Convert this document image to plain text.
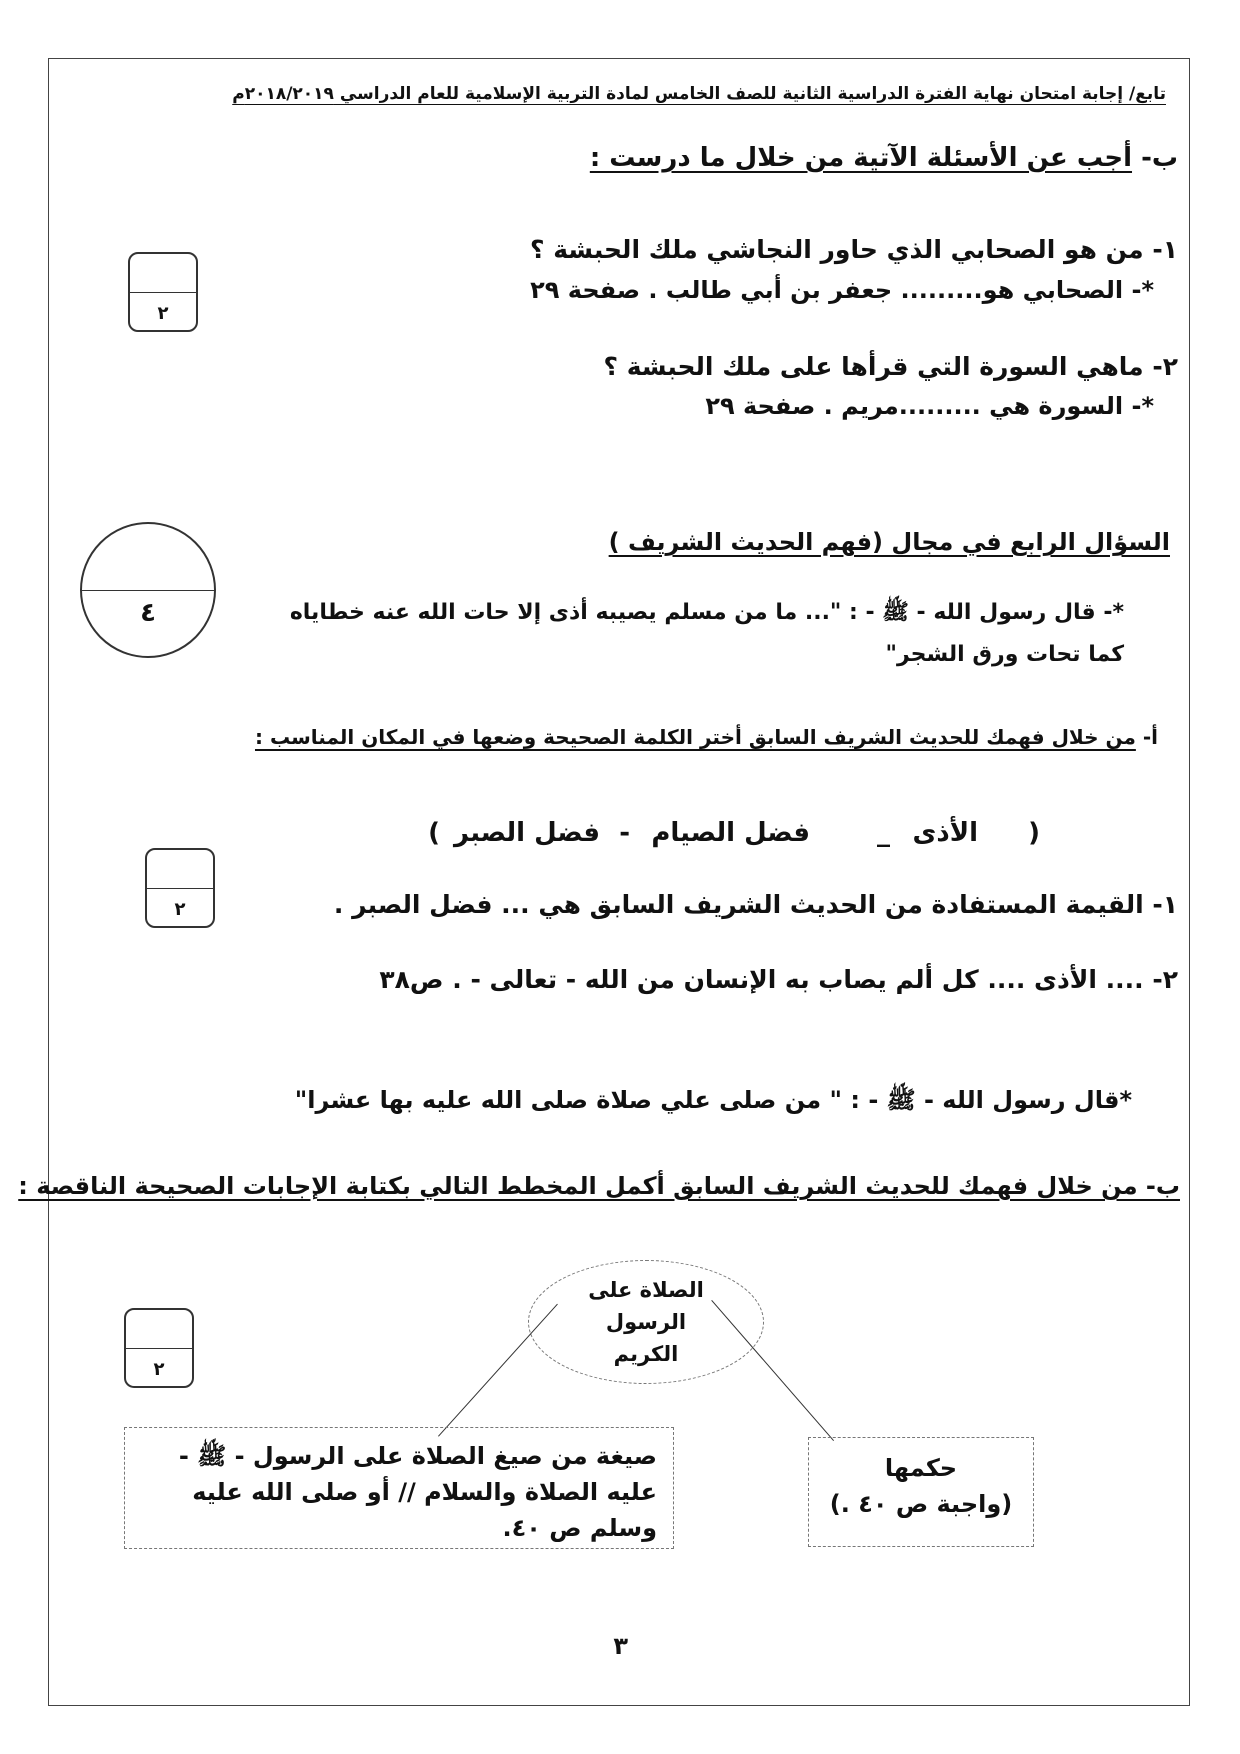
تابع/ إجابة امتحان نهاية الفترة الدراسية الثانية للصف الخامس لمادة التربية الإسلامية للعام الدراسي ٢٠١٨/٢٠١٩م
ب- أجب عن الأسئلة الآتية من خلال ما درست :
١- من هو الصحابي الذي حاور النجاشي ملك الحبشة ؟
*- الصحابي هو......... جعفر بن أبي طالب . صفحة ٢٩
٢
٢- ماهي السورة التي قرأها على ملك الحبشة ؟
*- السورة هي .........مريم . صفحة ٢٩
السؤال الرابع في مجال (فهم الحديث الشريف )
٤	*- قال رسول الله - ﷺ - : "... ما من مسلم يصيبه أذى إلا حات الله عنه خطاياه
كما تحات ورق الشجر"
أ- من خلال فهمك للحديث الشريف السابق أختر الكلمة الصحيحة وضعها في المكان المناسب :
(
الأذى
_
فضل الصيام
-
فضل الصبر
)
٢	١- القيمة المستفادة من الحديث الشريف السابق هي ... فضل الصبر .
٢- .... الأذى .... كل ألم يصاب به الإنسان من الله - تعالى - . ص٣٨
*قال رسول الله - ﷺ - : " من صلى علي صلاة صلى الله عليه بها عشرا"
ب- من خلال فهمك للحديث الشريف السابق أكمل المخطط التالي بكتابة الإجابات الصحيحة الناقصة :
٢
الصلاة على الرسول الكريم
حكمها
(واجبة ص ٤٠ .)
صيغة من صيغ الصلاة على الرسول - ﷺ - عليه الصلاة والسلام // أو صلى الله عليه وسلم ص ٤٠.
٣
